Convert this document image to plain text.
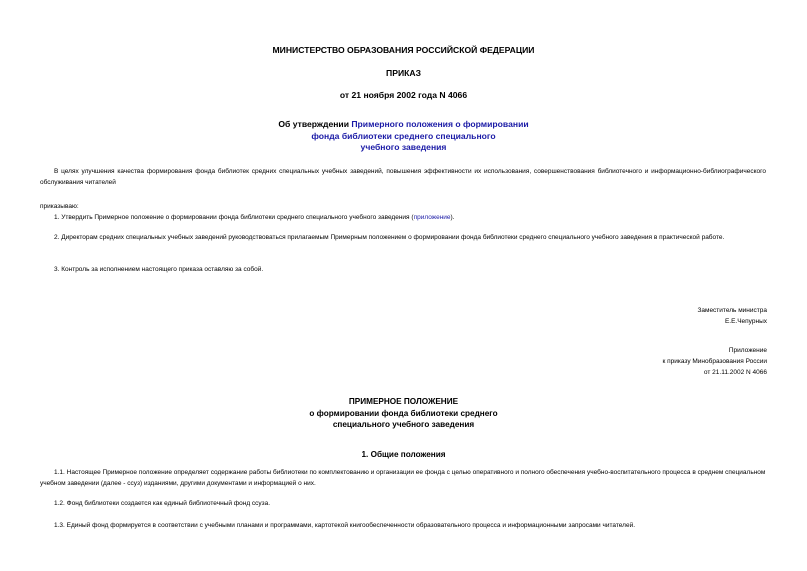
МИНИСТЕРСТВО ОБРАЗОВАНИЯ РОССИЙСКОЙ ФЕДЕРАЦИИ
ПРИКАЗ
от 21 ноября 2002 года N 4066
Об утверждении Примерного положения о формировании
фонда библиотеки среднего специального
учебного заведения
В целях улучшения качества формирования фонда библиотек средних специальных учебных заведений, повышения эффективности их использования, совершенствования библиотечного и информационно-библиографического обслуживания читателей
приказываю:
1. Утвердить Примерное положение о формировании фонда библиотеки среднего специального учебного заведения (приложение).
2. Директорам средних специальных учебных заведений руководствоваться прилагаемым Примерным положением о формировании фонда библиотеки среднего специального учебного заведения в практической работе.
3. Контроль за исполнением настоящего приказа оставляю за собой.
Заместитель министра
Е.Е.Чепурных
Приложение
к приказу Минобразования России
от 21.11.2002 N 4066
ПРИМЕРНОЕ ПОЛОЖЕНИЕ
о формировании фонда библиотеки среднего
специального учебного заведения
1. Общие положения
1.1. Настоящее Примерное положение определяет содержание работы библиотеки по комплектованию и организации ее фонда с целью оперативного и полного обеспечения учебно-воспитательного процесса в среднем специальном учебном заведении (далее - ссуз) изданиями, другими документами и информацией о них.
1.2. Фонд библиотеки создается как единый библиотечный фонд ссуза.
1.3. Единый фонд формируется в соответствии с учебными планами и программами, картотекой книгообеспеченности образовательного процесса и информационными запросами читателей.
